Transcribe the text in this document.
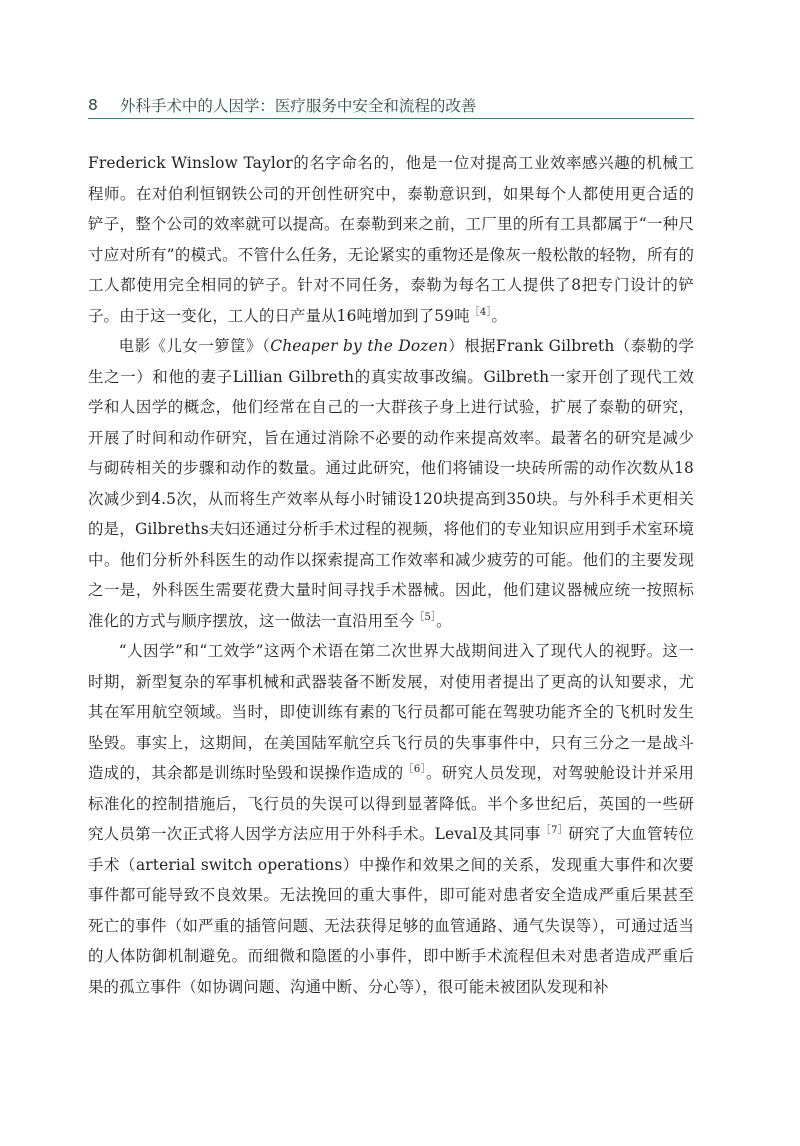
8 外科手术中的人因学：医疗服务中安全和流程的改善

Frederick Winslow Taylor的名字命名的，他是一位对提高工业效率感兴趣的机械工程师。在对伯利恒钢铁公司的开创性研究中，泰勒意识到，如果每个人都使用更合适的铲子，整个公司的效率就可以提高。在泰勒到来之前，工厂里的所有工具都属于“一种尺寸应对所有”的模式。不管什么任务，无论紧实的重物还是像灰一般松散的轻物，所有的工人都使用完全相同的铲子。针对不同任务，泰勒为每名工人提供了8把专门设计的铲子。由于这一变化，工人的日产量从16吨增加到了59吨$^{[4]}$。

电影《儿女一箩筐》（Cheaper by the Dozen）根据Frank Gilbreth（泰勒的学生之一）和他的妻子Lillian Gilbreth的真实故事改编。Gilbreth一家开创了现代工效学和人因学的概念，他们经常在自己的一大群孩子身上进行试验，扩展了泰勒的研究，开展了时间和动作研究，旨在通过消除不必要的动作来提高效率。最著名的研究是减少与砌砖相关的步骤和动作的数量。通过此研究，他们将铺设一块砖所需的动作次数从18次减少到4.5次，从而将生产效率从每小时铺设120块提高到350块。与外科手术更相关的是，Gilbreths夫妇还通过分析手术过程的视频，将他们的专业知识应用到手术室环境中。他们分析外科医生的动作以探索提高工作效率和减少疲劳的可能。他们的主要发现之一是，外科医生需要花费大量时间寻找手术器械。因此，他们建议器械应统一按照标准化的方式与顺序摆放，这一做法一直沿用至今$^{[5]}$。

“人因学”和“工效学”这两个术语在第二次世界大战期间进入了现代人的视野。这一时期，新型复杂的军事机械和武器装备不断发展，对使用者提出了更高的认知要求，尤其在军用航空领域。当时，即使训练有素的飞行员都可能在驾驶功能齐全的飞机时发生坠毁。事实上，这期间，在美国陆军航空兵飞行员的失事事件中，只有三分之一是战斗造成的，其余都是训练时坠毁和误操作造成的$^{[6]}$。研究人员发现，对驾驶舱设计并采用标准化的控制措施后，飞行员的失误可以得到显著降低。半个多世纪后，英国的一些研究人员第一次正式将人因学方法应用于外科手术。Leval及其同事$^{[7]}$研究了大血管转位手术（arterial switch operations）中操作和效果之间的关系，发现重大事件和次要事件都可能导致不良效果。无法挽回的重大事件，即可能对患者安全造成严重后果甚至死亡的事件（如严重的插管问题、无法获得足够的血管通路、通气失误等），可通过适当的人体防御机制避免。而细微和隐匿的小事件，即中断手术流程但未对患者造成严重后果的孤立事件（如协调问题、沟通中断、分心等），很可能未被团队发现和补
